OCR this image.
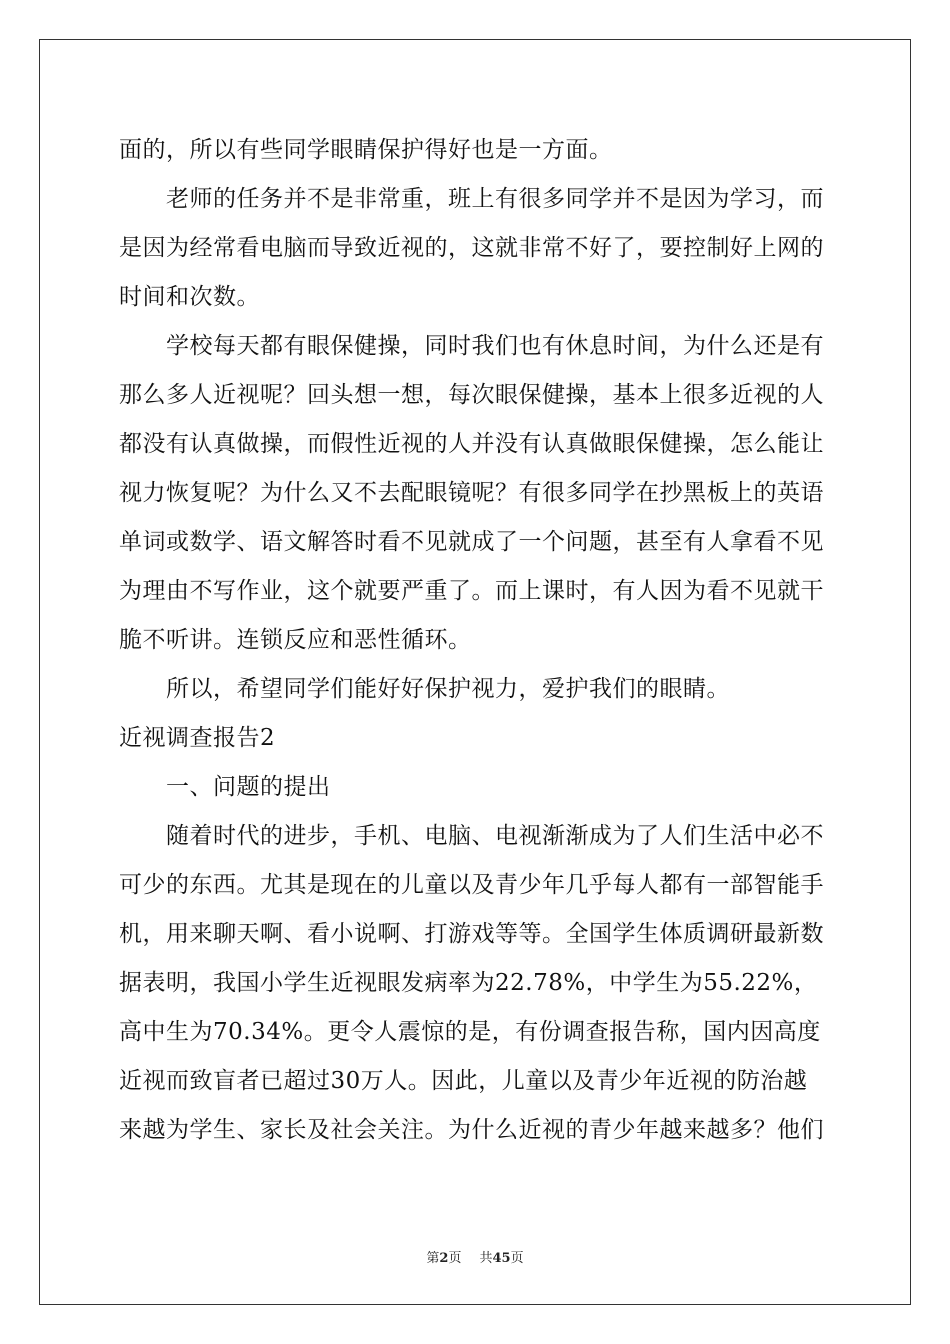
面的，所以有些同学眼睛保护得好也是一方面。
老师的任务并不是非常重，班上有很多同学并不是因为学习，而
是因为经常看电脑而导致近视的，这就非常不好了，要控制好上网的
时间和次数。
学校每天都有眼保健操，同时我们也有休息时间，为什么还是有
那么多人近视呢？回头想一想，每次眼保健操，基本上很多近视的人
都没有认真做操，而假性近视的人并没有认真做眼保健操，怎么能让
视力恢复呢？为什么又不去配眼镜呢？有很多同学在抄黑板上的英语
单词或数学、语文解答时看不见就成了一个问题，甚至有人拿看不见
为理由不写作业，这个就要严重了。而上课时，有人因为看不见就干
脆不听讲。连锁反应和恶性循环。
所以，希望同学们能好好保护视力，爱护我们的眼睛。
近视调查报告2
一、问题的提出
随着时代的进步，手机、电脑、电视渐渐成为了人们生活中必不
可少的东西。尤其是现在的儿童以及青少年几乎每人都有一部智能手
机，用来聊天啊、看小说啊、打游戏等等。全国学生体质调研最新数
据表明，我国小学生近视眼发病率为22.78%，中学生为55.22%，
高中生为70.34%。更令人震惊的是，有份调查报告称，国内因高度
近视而致盲者已超过30万人。因此，儿童以及青少年近视的防治越
来越为学生、家长及社会关注。为什么近视的青少年越来越多？他们
第2页 共45页
